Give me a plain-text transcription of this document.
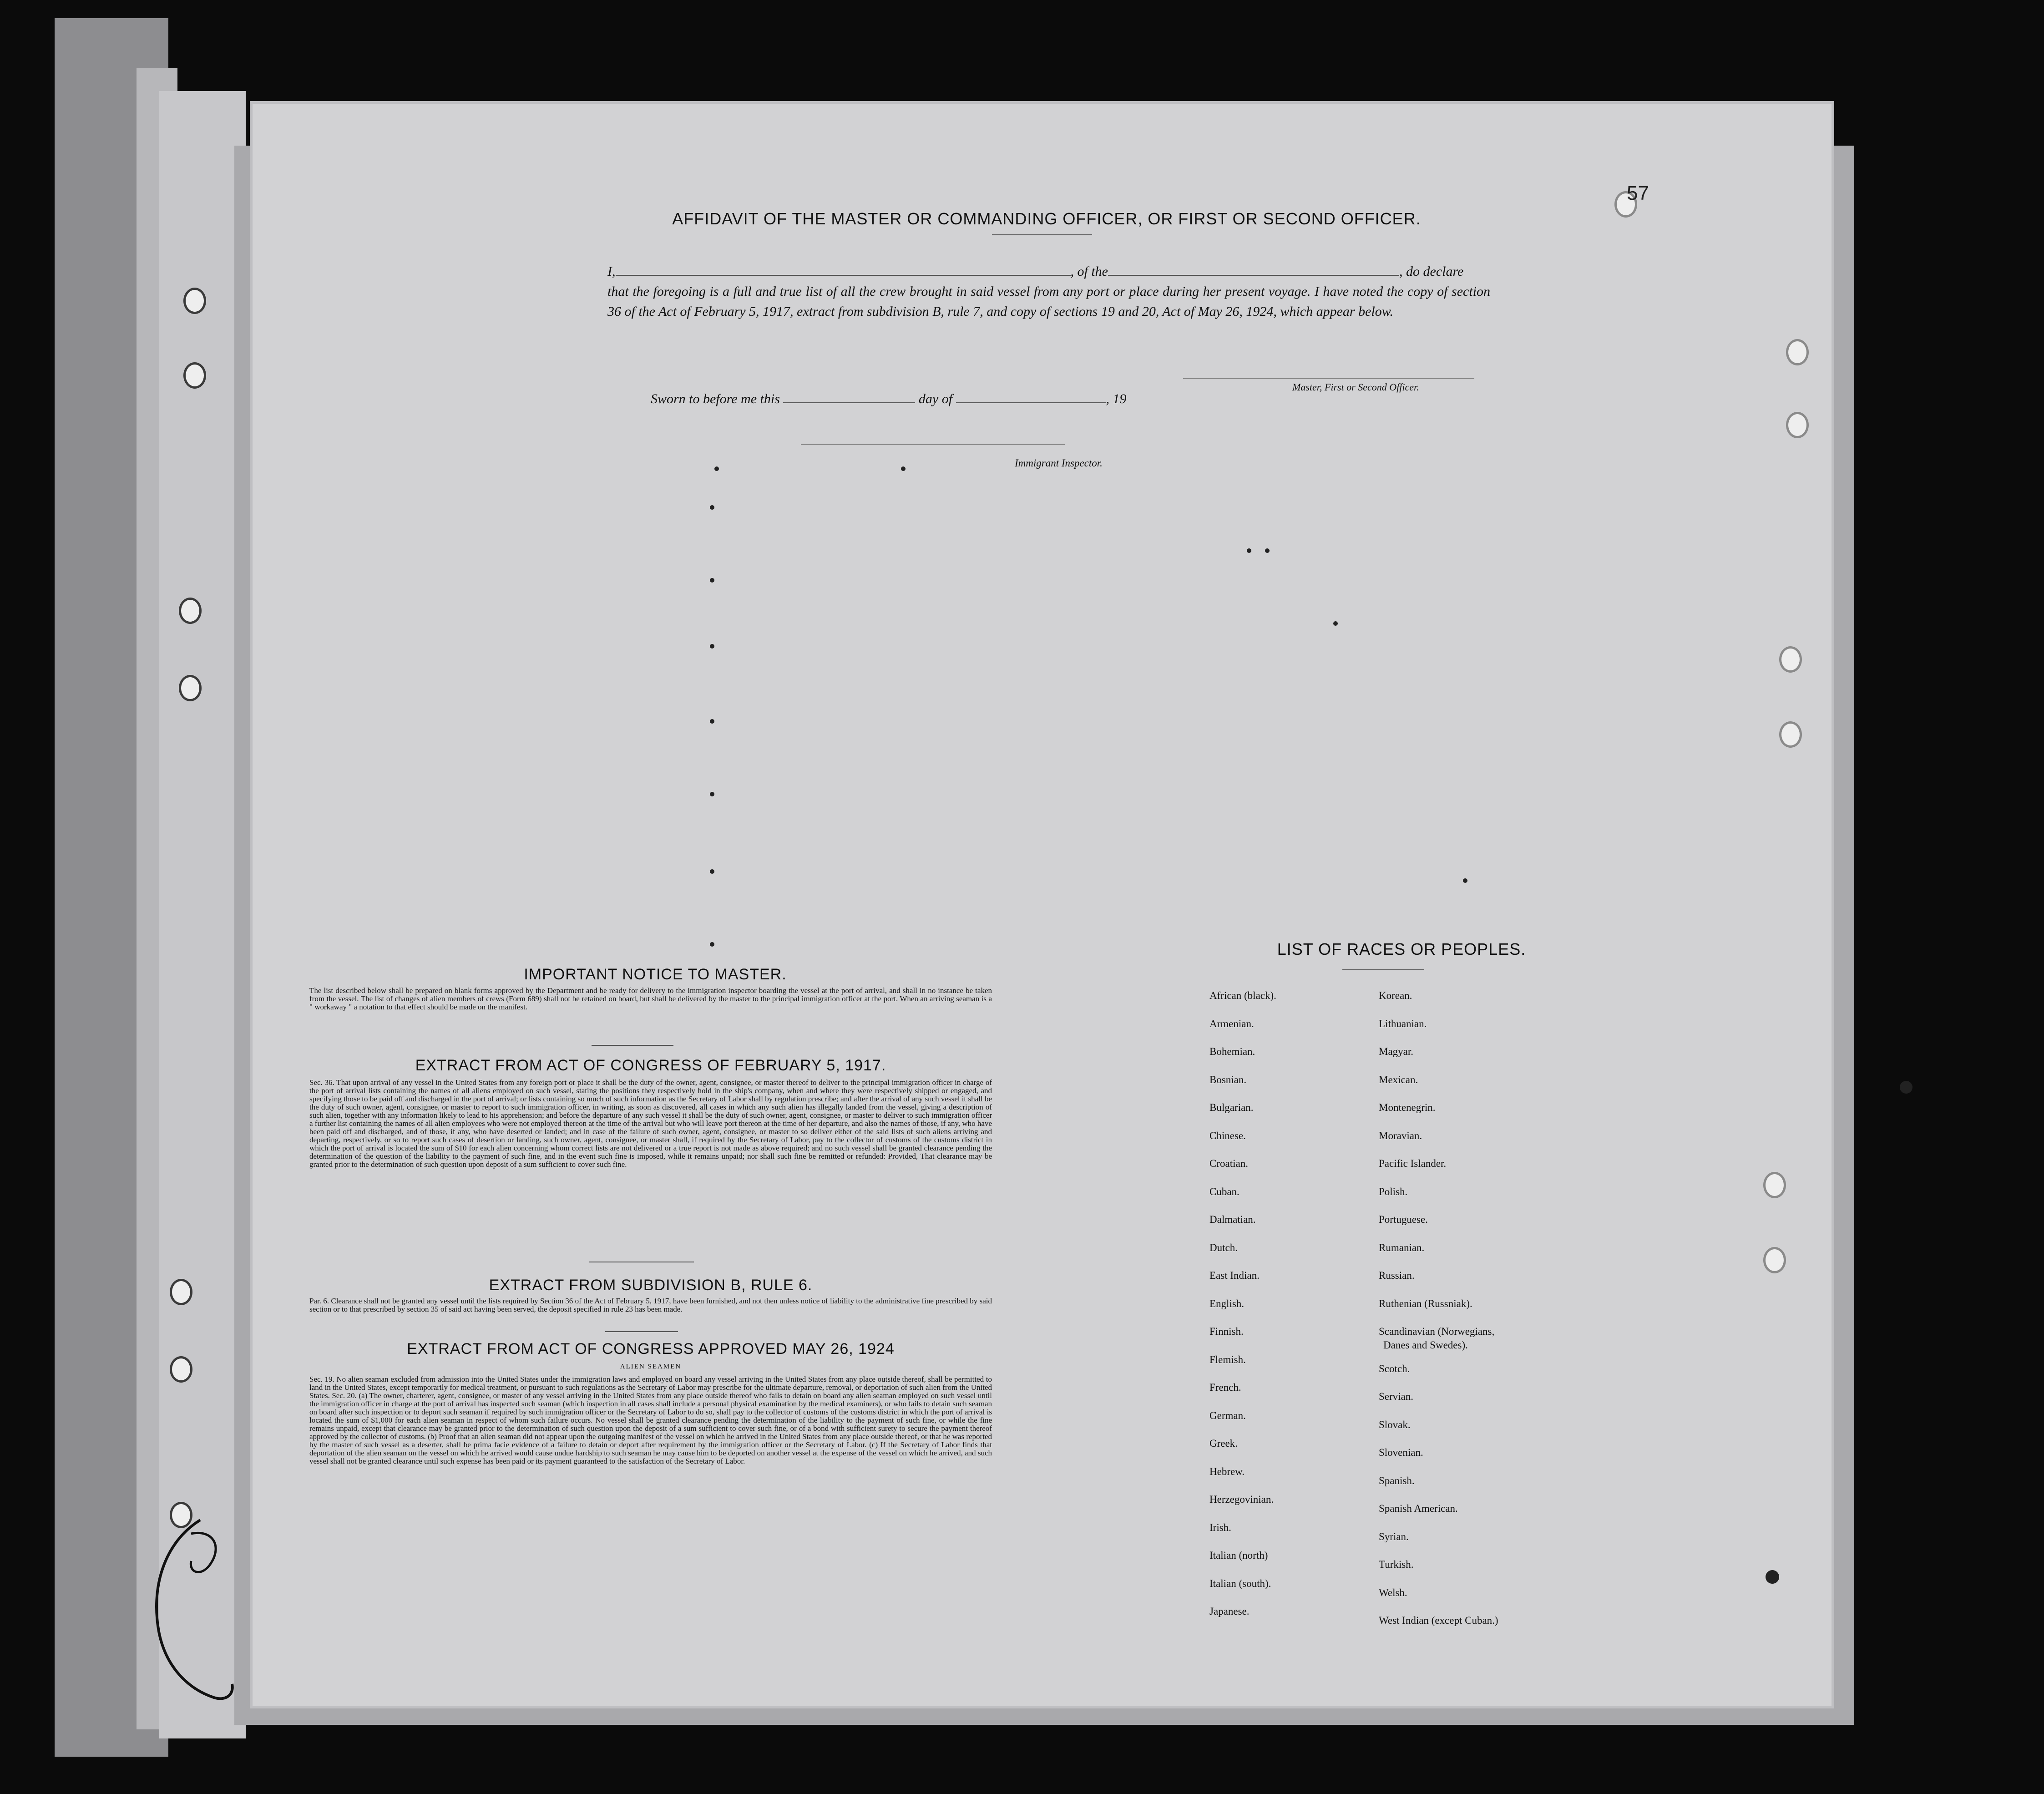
57
AFFIDAVIT OF THE MASTER OR COMMANDING OFFICER, OR FIRST OR SECOND OFFICER.
I,	, of the	, do declare
that the foregoing is a full and true list of all the crew brought in said vessel from any port or place during her present voyage. I have noted the copy of section 36 of the Act of February 5, 1917, extract from subdivision B, rule 7, and copy of sections 19 and 20, Act of May 26, 1924, which appear below.
Master, First or Second Officer.
Sworn to before me this	day of	, 19
Immigrant Inspector.
IMPORTANT NOTICE TO MASTER.
The list described below shall be prepared on blank forms approved by the Department and be ready for delivery to the immigration inspector boarding the vessel at the port of arrival, and shall in no instance be taken from the vessel. The list of changes of alien members of crews (Form 689) shall not be retained on board, but shall be delivered by the master to the principal immigration officer at the port. When an arriving seaman is a " workaway " a notation to that effect should be made on the manifest.
EXTRACT FROM ACT OF CONGRESS OF FEBRUARY 5, 1917.
Sec. 36. That upon arrival of any vessel in the United States from any foreign port or place it shall be the duty of the owner, agent, consignee, or master thereof to deliver to the principal immigration officer in charge of the port of arrival lists containing the names of all aliens employed on such vessel, stating the positions they respectively hold in the ship's company, when and where they were respectively shipped or engaged, and specifying those to be paid off and discharged in the port of arrival; or lists containing so much of such information as the Secretary of Labor shall by regulation prescribe; and after the arrival of any such vessel it shall be the duty of such owner, agent, consignee, or master to report to such immigration officer, in writing, as soon as discovered, all cases in which any such alien has illegally landed from the vessel, giving a description of such alien, together with any information likely to lead to his apprehension; and before the departure of any such vessel it shall be the duty of such owner, agent, consignee, or master to deliver to such immigration officer a further list containing the names of all alien employees who were not employed thereon at the time of the arrival but who will leave port thereon at the time of her departure, and also the names of those, if any, who have been paid off and discharged, and of those, if any, who have deserted or landed; and in case of the failure of such owner, agent, consignee, or master to so deliver either of the said lists of such aliens arriving and departing, respectively, or so to report such cases of desertion or landing, such owner, agent, consignee, or master shall, if required by the Secretary of Labor, pay to the collector of customs of the customs district in which the port of arrival is located the sum of $10 for each alien concerning whom correct lists are not delivered or a true report is not made as above required; and no such vessel shall be granted clearance pending the determination of the question of the liability to the payment of such fine, and in the event such fine is imposed, while it remains unpaid; nor shall such fine be remitted or refunded: Provided, That clearance may be granted prior to the determination of such question upon deposit of a sum sufficient to cover such fine.
EXTRACT FROM SUBDIVISION B, RULE 6.
Par. 6. Clearance shall not be granted any vessel until the lists required by Section 36 of the Act of February 5, 1917, have been furnished, and not then unless notice of liability to the administrative fine prescribed by said section or to that prescribed by section 35 of said act having been served, the deposit specified in rule 23 has been made.
EXTRACT FROM ACT OF CONGRESS APPROVED MAY 26, 1924
ALIEN SEAMEN
Sec. 19. No alien seaman excluded from admission into the United States under the immigration laws and employed on board any vessel arriving in the United States from any place outside thereof, shall be permitted to land in the United States, except temporarily for medical treatment, or pursuant to such regulations as the Secretary of Labor may prescribe for the ultimate departure, removal, or deportation of such alien from the United States. Sec. 20. (a) The owner, charterer, agent, consignee, or master of any vessel arriving in the United States from any place outside thereof who fails to detain on board any alien seaman employed on such vessel until the immigration officer in charge at the port of arrival has inspected such seaman (which inspection in all cases shall include a personal physical examination by the medical examiners), or who fails to detain such seaman on board after such inspection or to deport such seaman if required by such immigration officer or the Secretary of Labor to do so, shall pay to the collector of customs of the customs district in which the port of arrival is located the sum of $1,000 for each alien seaman in respect of whom such failure occurs. No vessel shall be granted clearance pending the determination of the liability to the payment of such fine, or while the fine remains unpaid, except that clearance may be granted prior to the determination of such question upon the deposit of a sum sufficient to cover such fine, or of a bond with sufficient surety to secure the payment thereof approved by the collector of customs. (b) Proof that an alien seaman did not appear upon the outgoing manifest of the vessel on which he arrived in the United States from any place outside thereof, or that he was reported by the master of such vessel as a deserter, shall be prima facie evidence of a failure to detain or deport after requirement by the immigration officer or the Secretary of Labor. (c) If the Secretary of Labor finds that deportation of the alien seaman on the vessel on which he arrived would cause undue hardship to such seaman he may cause him to be deported on another vessel at the expense of the vessel on which he arrived, and such vessel shall not be granted clearance until such expense has been paid or its payment guaranteed to the satisfaction of the Secretary of Labor.
LIST OF RACES OR PEOPLES.
African (black).
Armenian.
Bohemian.
Bosnian.
Bulgarian.
Chinese.
Croatian.
Cuban.
Dalmatian.
Dutch.
East Indian.
English.
Finnish.
Flemish.
French.
German.
Greek.
Hebrew.
Herzegovinian.
Irish.
Italian (north)
Italian (south).
Japanese.
Korean.
Lithuanian.
Magyar.
Mexican.
Montenegrin.
Moravian.
Pacific Islander.
Polish.
Portuguese.
Rumanian.
Russian.
Ruthenian (Russniak).
Scandinavian (Norwegians,
Danes and Swedes).
Scotch.
Servian.
Slovak.
Slovenian.
Spanish.
Spanish American.
Syrian.
Turkish.
Welsh.
West Indian (except Cuban.)
